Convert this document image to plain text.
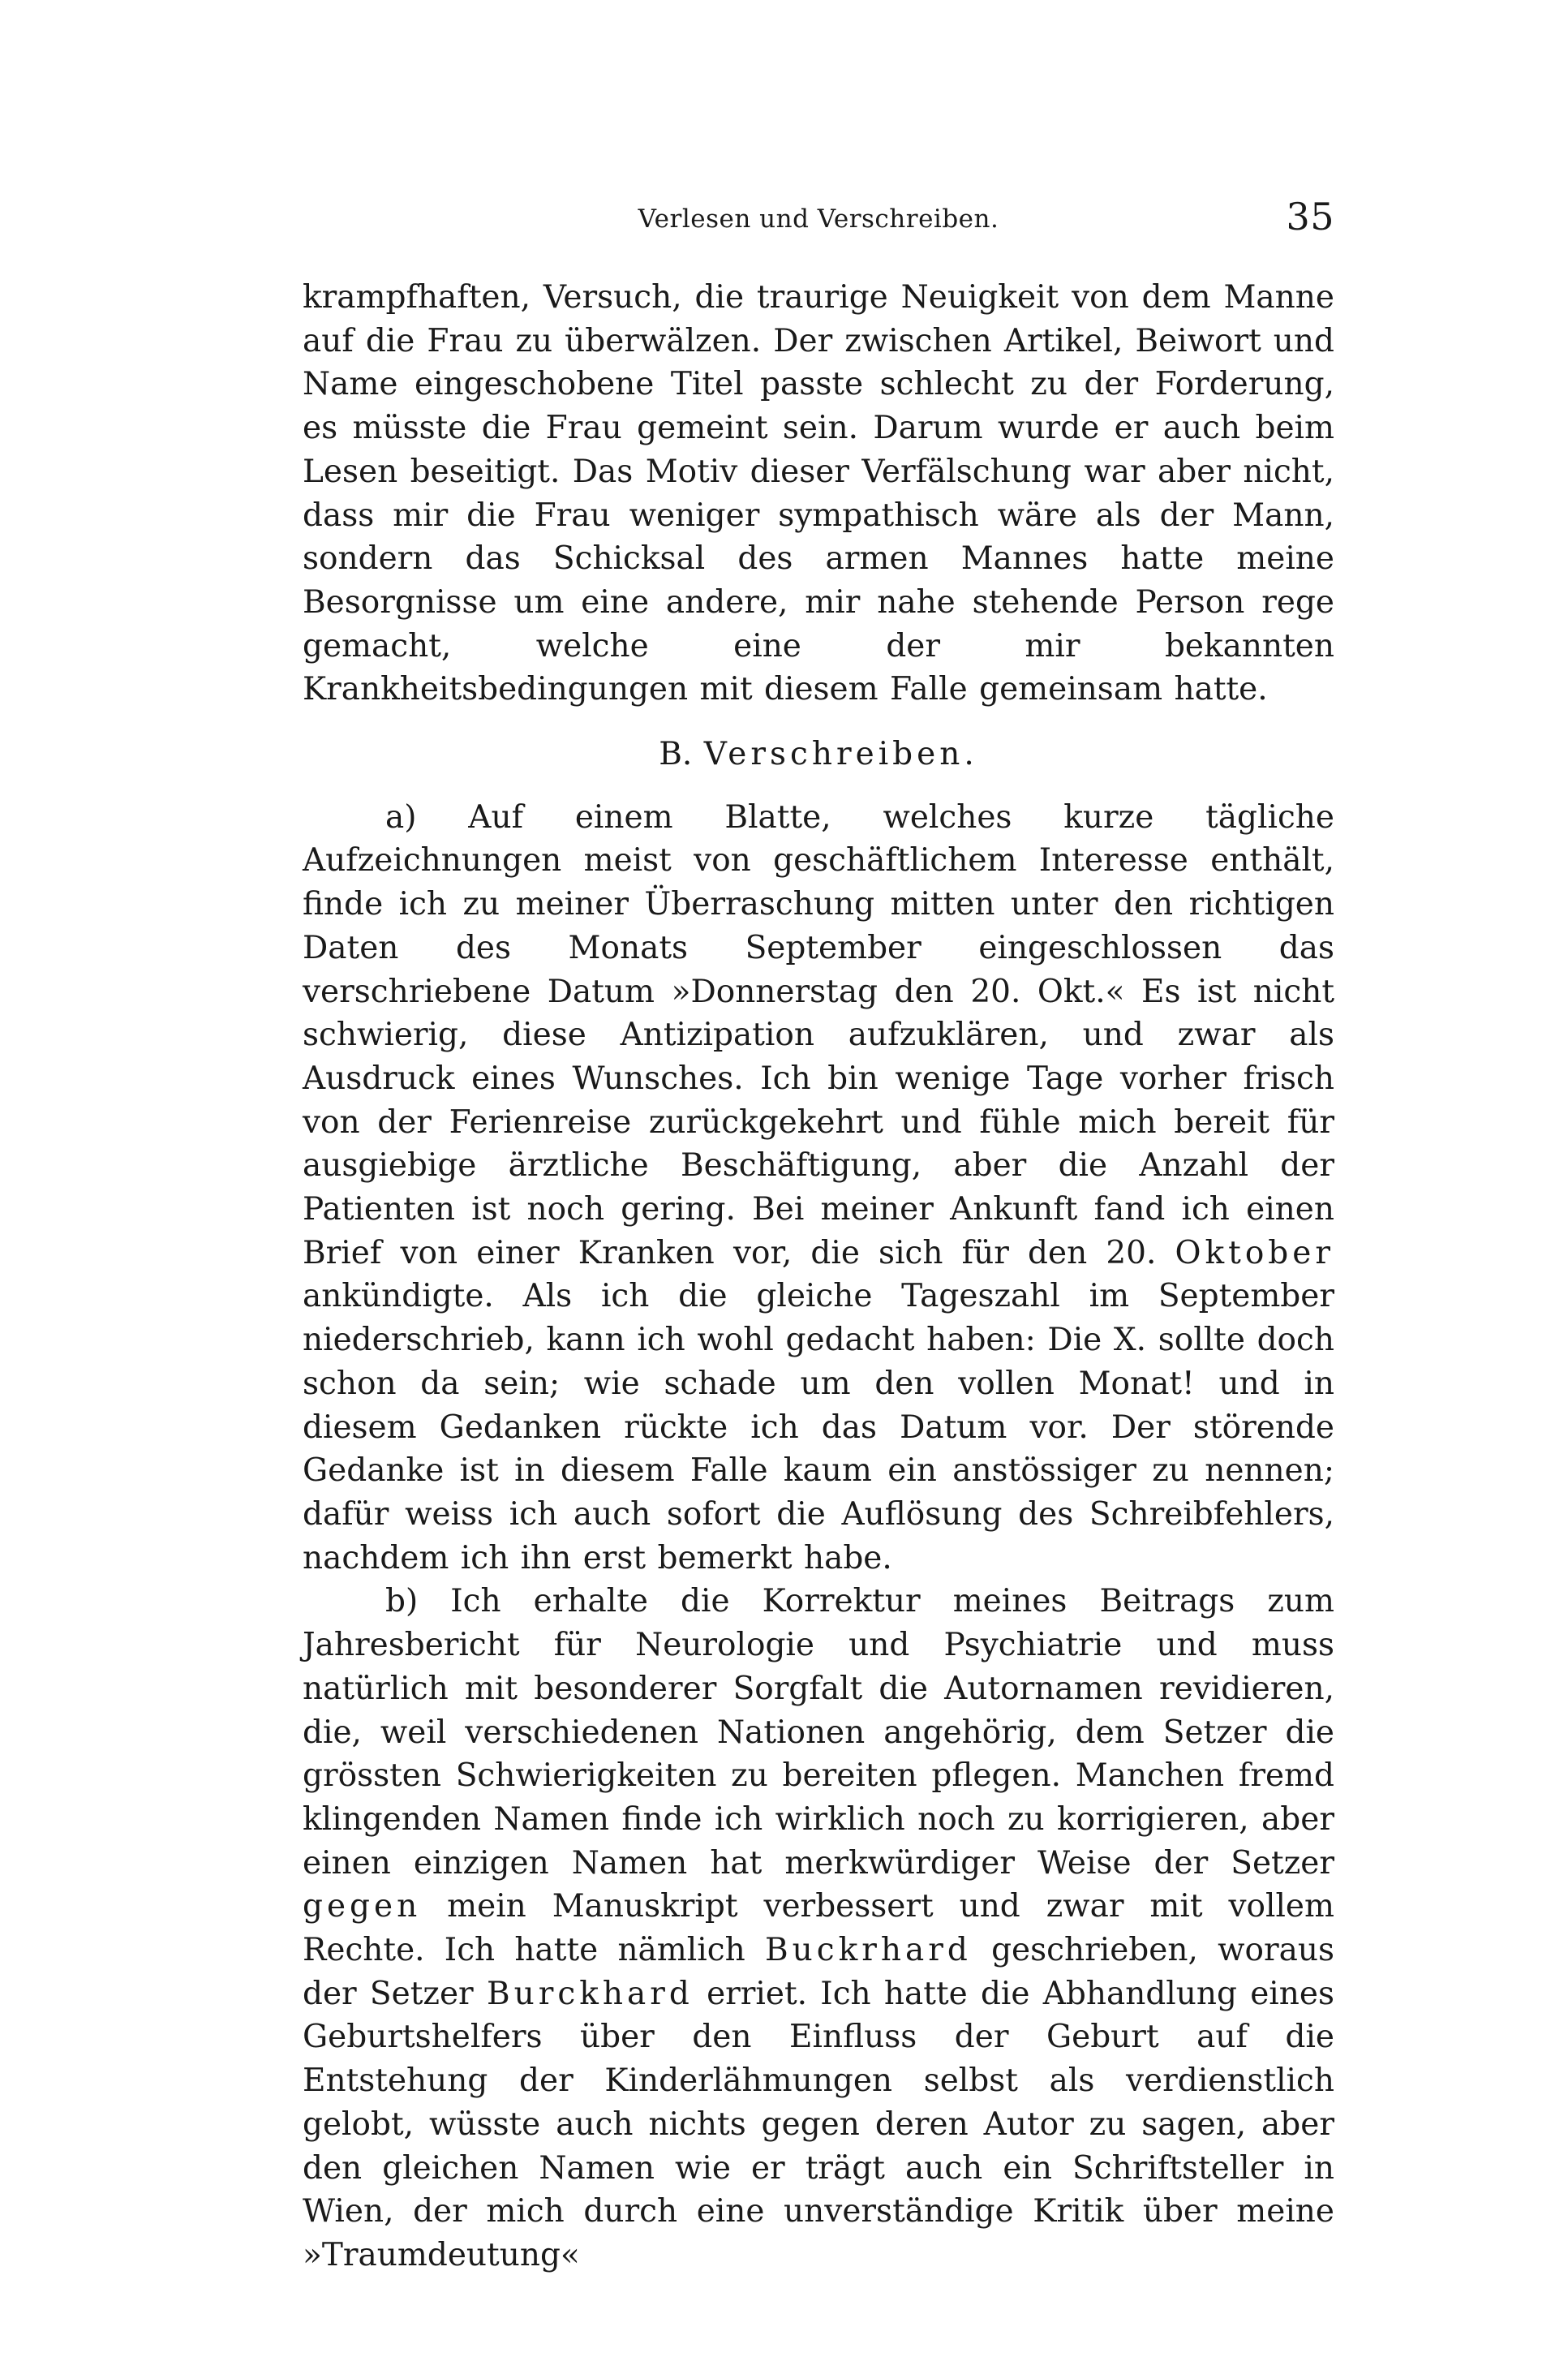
Verlesen und Verschreiben.	35

krampfhaften, Versuch, die traurige Neuigkeit von dem Manne auf die Frau zu überwälzen. Der zwischen Artikel, Beiwort und Name eingeschobene Titel passte schlecht zu der Forderung, es müsste die Frau gemeint sein. Darum wurde er auch beim Lesen beseitigt. Das Motiv dieser Verfälschung war aber nicht, dass mir die Frau weniger sympathisch wäre als der Mann, sondern das Schicksal des armen Mannes hatte meine Besorgnisse um eine andere, mir nahe stehende Person rege gemacht, welche eine der mir bekannten Krankheitsbedingungen mit diesem Falle gemeinsam hatte.

B. Verschreiben.

a) Auf einem Blatte, welches kurze tägliche Aufzeichnungen meist von geschäftlichem Interesse enthält, finde ich zu meiner Überraschung mitten unter den richtigen Daten des Monats September eingeschlossen das verschriebene Datum »Donnerstag den 20. Okt.« Es ist nicht schwierig, diese Antizipation aufzuklären, und zwar als Ausdruck eines Wunsches. Ich bin wenige Tage vorher frisch von der Ferienreise zurückgekehrt und fühle mich bereit für ausgiebige ärztliche Beschäftigung, aber die Anzahl der Patienten ist noch gering. Bei meiner Ankunft fand ich einen Brief von einer Kranken vor, die sich für den 20. Oktober ankündigte. Als ich die gleiche Tageszahl im September niederschrieb, kann ich wohl gedacht haben: Die X. sollte doch schon da sein; wie schade um den vollen Monat! und in diesem Gedanken rückte ich das Datum vor. Der störende Gedanke ist in diesem Falle kaum ein anstössiger zu nennen; dafür weiss ich auch sofort die Auflösung des Schreibfehlers, nachdem ich ihn erst bemerkt habe.

b) Ich erhalte die Korrektur meines Beitrags zum Jahresbericht für Neurologie und Psychiatrie und muss natürlich mit besonderer Sorgfalt die Autornamen revidieren, die, weil verschiedenen Nationen angehörig, dem Setzer die grössten Schwierigkeiten zu bereiten pflegen. Manchen fremd klingenden Namen finde ich wirklich noch zu korrigieren, aber einen einzigen Namen hat merkwürdiger Weise der Setzer gegen mein Manuskript verbessert und zwar mit vollem Rechte. Ich hatte nämlich Buckrhard geschrieben, woraus der Setzer Burckhard erriet. Ich hatte die Abhandlung eines Geburtshelfers über den Einfluss der Geburt auf die Entstehung der Kinderlähmungen selbst als verdienstlich gelobt, wüsste auch nichts gegen deren Autor zu sagen, aber den gleichen Namen wie er trägt auch ein Schriftsteller in Wien, der mich durch eine unverständige Kritik über meine »Traumdeutung«
